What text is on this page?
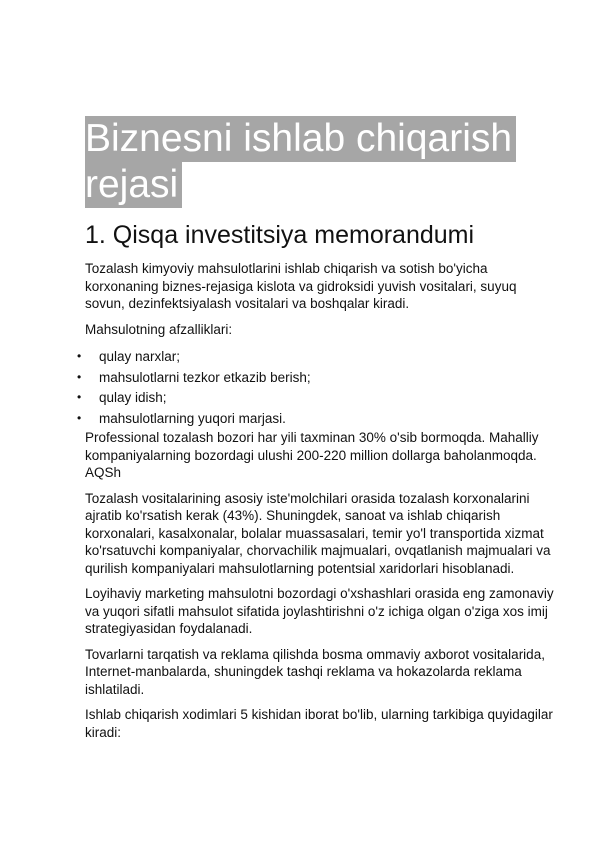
Biznesni ishlab chiqarish
rejasi
1. Qisqa investitsiya memorandumi

Tozalash kimyoviy mahsulotlarini ishlab chiqarish va sotish bo'yicha korxonaning biznes-rejasiga kislota va gidroksidi yuvish vositalari, suyuq sovun, dezinfektsiyalash vositalari va boshqalar kiradi.

Mahsulotning afzalliklari:

• qulay narxlar;
• mahsulotlarni tezkor etkazib berish;
• qulay idish;
• mahsulotlarning yuqori marjasi.

Professional tozalash bozori har yili taxminan 30% o'sib bormoqda. Mahalliy kompaniyalarning bozordagi ulushi 200-220 million dollarga baholanmoqda. AQSh

Tozalash vositalarining asosiy iste'molchilari orasida tozalash korxonalarini ajratib ko'rsatish kerak (43%). Shuningdek, sanoat va ishlab chiqarish korxonalari, kasalxonalar, bolalar muassasalari, temir yo'l transportida xizmat ko'rsatuvchi kompaniyalar, chorvachilik majmualari, ovqatlanish majmualari va qurilish kompaniyalari mahsulotlarning potentsial xaridorlari hisoblanadi.

Loyihaviy marketing mahsulotni bozordagi o'xshashlari orasida eng zamonaviy va yuqori sifatli mahsulot sifatida joylashtirishni o'z ichiga olgan o'ziga xos imij strategiyasidan foydalanadi.

Tovarlarni tarqatish va reklama qilishda bosma ommaviy axborot vositalarida, Internet-manbalarda, shuningdek tashqi reklama va hokazolarda reklama ishlatiladi.

Ishlab chiqarish xodimlari 5 kishidan iborat bo'lib, ularning tarkibiga quyidagilar kiradi:
